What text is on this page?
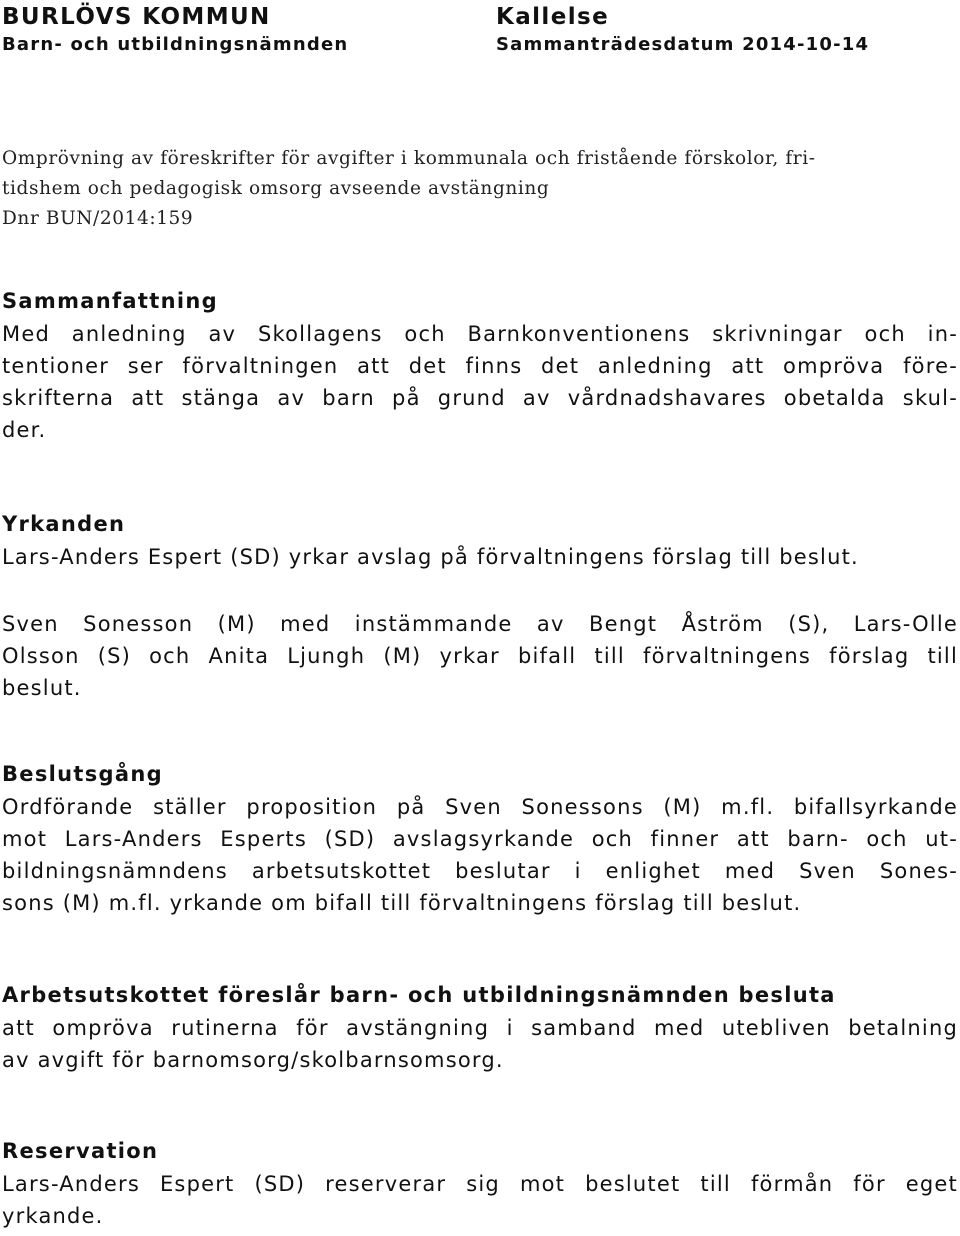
BURLÖVS KOMMUN
Barn- och utbildningsnämnden
Kallelse
Sammanträdesdatum 2014-10-14
Omprövning av föreskrifter för avgifter i kommunala och fristående förskolor, fri-
tidshem och pedagogisk omsorg avseende avstängning
Dnr BUN/2014:159
Sammanfattning
Med anledning av Skollagens och Barnkonventionens skrivningar och in-
tentioner ser förvaltningen att det finns det anledning att ompröva före-
skrifterna att stänga av barn på grund av vårdnadshavares obetalda skul-
der.
Yrkanden
Lars-Anders Espert (SD) yrkar avslag på förvaltningens förslag till beslut.
Sven Sonesson (M) med instämmande av Bengt Åström (S), Lars-Olle
Olsson (S) och Anita Ljungh (M) yrkar bifall till förvaltningens förslag till
beslut.
Beslutsgång
Ordförande ställer proposition på Sven Sonessons (M) m.fl. bifallsyrkande
mot Lars-Anders Esperts (SD) avslagsyrkande och finner att barn- och ut-
bildningsnämndens arbetsutskottet beslutar i enlighet med Sven Sones-
sons (M) m.fl. yrkande om bifall till förvaltningens förslag till beslut.
Arbetsutskottet föreslår barn- och utbildningsnämnden besluta
att ompröva rutinerna för avstängning i samband med utebliven betalning
av avgift för barnomsorg/skolbarnsomsorg.
Reservation
Lars-Anders Espert (SD) reserverar sig mot beslutet till förmån för eget
yrkande.
